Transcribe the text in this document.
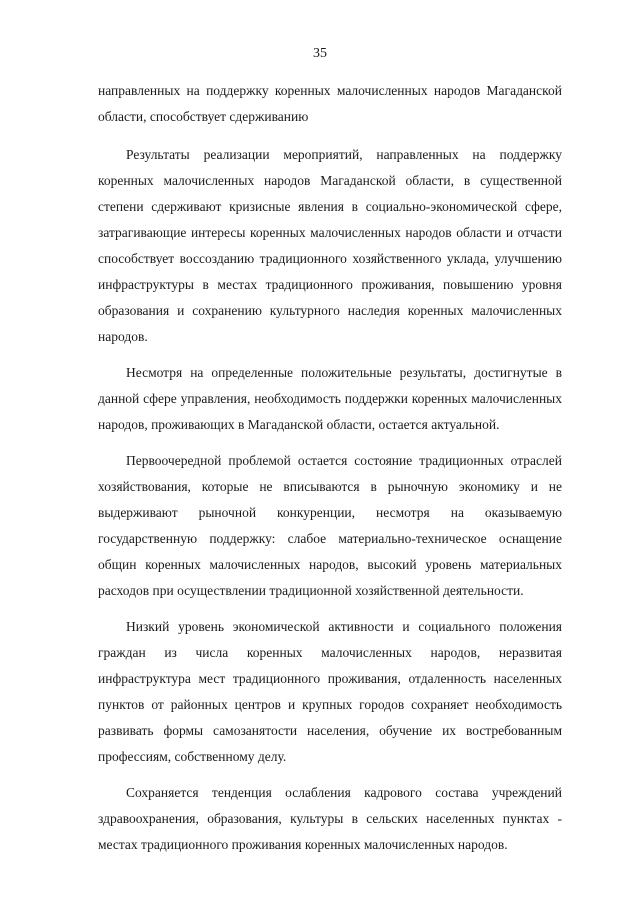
35

направленных на поддержку коренных малочисленных народов Магаданской области, способствует сдерживанию

Результаты реализации мероприятий, направленных на поддержку коренных малочисленных народов Магаданской области, в существенной степени сдерживают кризисные явления в социально-экономической сфере, затрагивающие интересы коренных малочисленных народов области и отчасти способствует воссозданию традиционного хозяйственного уклада, улучшению инфраструктуры в местах традиционного проживания, повышению уровня образования и сохранению культурного наследия коренных малочисленных народов.

Несмотря на определенные положительные результаты, достигнутые в данной сфере управления, необходимость поддержки коренных малочисленных народов, проживающих в Магаданской области, остается актуальной.

Первоочередной проблемой остается состояние традиционных отраслей хозяйствования, которые не вписываются в рыночную экономику и не выдерживают рыночной конкуренции, несмотря на оказываемую государственную поддержку: слабое материально-техническое оснащение общин коренных малочисленных народов, высокий уровень материальных расходов при осуществлении традиционной хозяйственной деятельности.

Низкий уровень экономической активности и социального положения граждан из числа коренных малочисленных народов, неразвитая инфраструктура мест традиционного проживания, отдаленность населенных пунктов от районных центров и крупных городов сохраняет необходимость развивать формы самозанятости населения, обучение их востребованным профессиям, собственному делу.

Сохраняется тенденция ослабления кадрового состава учреждений здравоохранения, образования, культуры в сельских населенных пунктах - местах традиционного проживания коренных малочисленных народов.
